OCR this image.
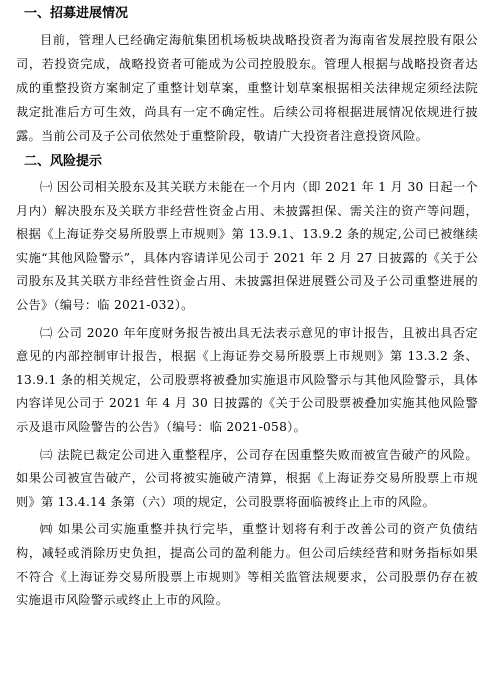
一、招募进展情况

目前，管理人已经确定海航集团机场板块战略投资者为海南省发展控股有限公司，若投资完成，战略投资者可能成为公司控股股东。管理人根据与战略投资者达成的重整投资方案制定了重整计划草案，重整计划草案根据相关法律规定须经法院裁定批准后方可生效，尚具有一定不确定性。后续公司将根据进展情况依规进行披露。当前公司及子公司依然处于重整阶段，敬请广大投资者注意投资风险。

二、风险提示

㈠ 因公司相关股东及其关联方未能在一个月内（即 2021 年 1 月 30 日起一个月内）解决股东及关联方非经营性资金占用、未披露担保、需关注的资产等问题，根据《上海证券交易所股票上市规则》第 13.9.1、13.9.2 条的规定,公司已被继续实施“其他风险警示”，具体内容请详见公司于 2021 年 2 月 27 日披露的《关于公司股东及其关联方非经营性资金占用、未披露担保进展暨公司及子公司重整进展的公告》（编号：临 2021-032）。

㈡ 公司 2020 年年度财务报告被出具无法表示意见的审计报告，且被出具否定意见的内部控制审计报告，根据《上海证券交易所股票上市规则》第 13.3.2 条、13.9.1 条的相关规定，公司股票将被叠加实施退市风险警示与其他风险警示，具体内容详见公司于 2021 年 4 月 30 日披露的《关于公司股票被叠加实施其他风险警示及退市风险警告的公告》（编号：临 2021-058）。

㈢ 法院已裁定公司进入重整程序，公司存在因重整失败而被宣告破产的风险。如果公司被宣告破产，公司将被实施破产清算，根据《上海证券交易所股票上市规则》第 13.4.14 条第（六）项的规定，公司股票将面临被终止上市的风险。

㈣ 如果公司实施重整并执行完毕，重整计划将有利于改善公司的资产负债结构，减轻或消除历史负担，提高公司的盈利能力。但公司后续经营和财务指标如果不符合《上海证券交易所股票上市规则》等相关监管法规要求，公司股票仍存在被实施退市风险警示或终止上市的风险。
